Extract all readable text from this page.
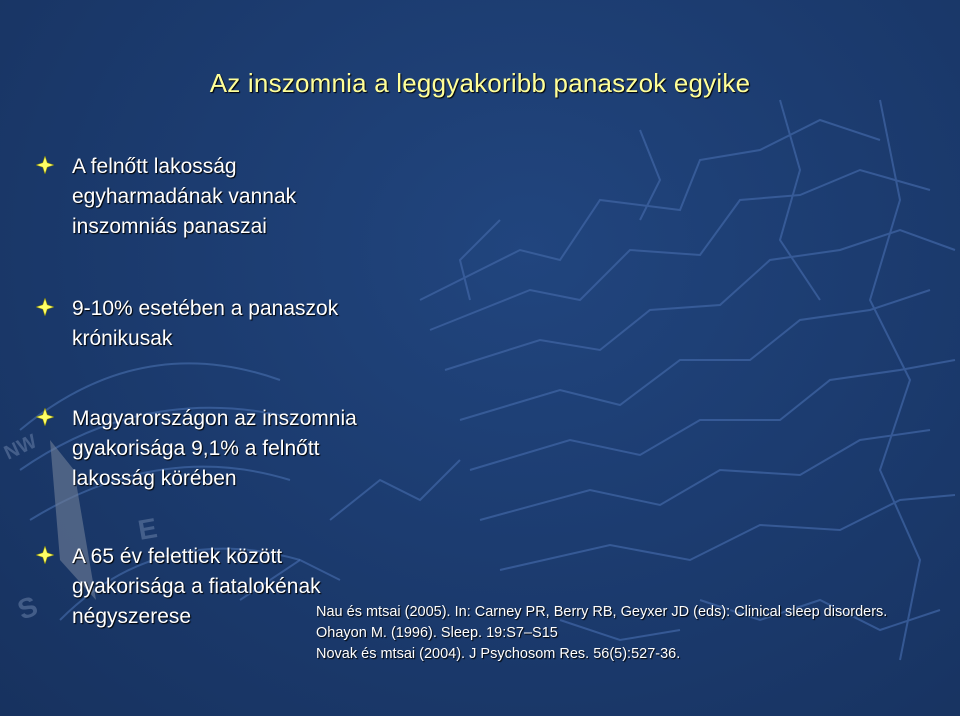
NW
E
S
Az inszomnia a leggyakoribb panaszok egyike
A felnőtt lakosság
egyharmadának vannak
inszomniás panaszai
9-10% esetében a panaszok
krónikusak
Magyarországon az inszomnia
gyakorisága 9,1% a felnőtt
lakosság körében
A 65 év felettiek között
gyakorisága a fiatalokénak
négyszerese	Nau és mtsai (2005). In: Carney PR, Berry RB, Geyxer JD (eds): Clinical sleep disorders.
Ohayon M. (1996). Sleep. 19:S7–S15
Novak és mtsai (2004). J Psychosom Res. 56(5):527-36.
